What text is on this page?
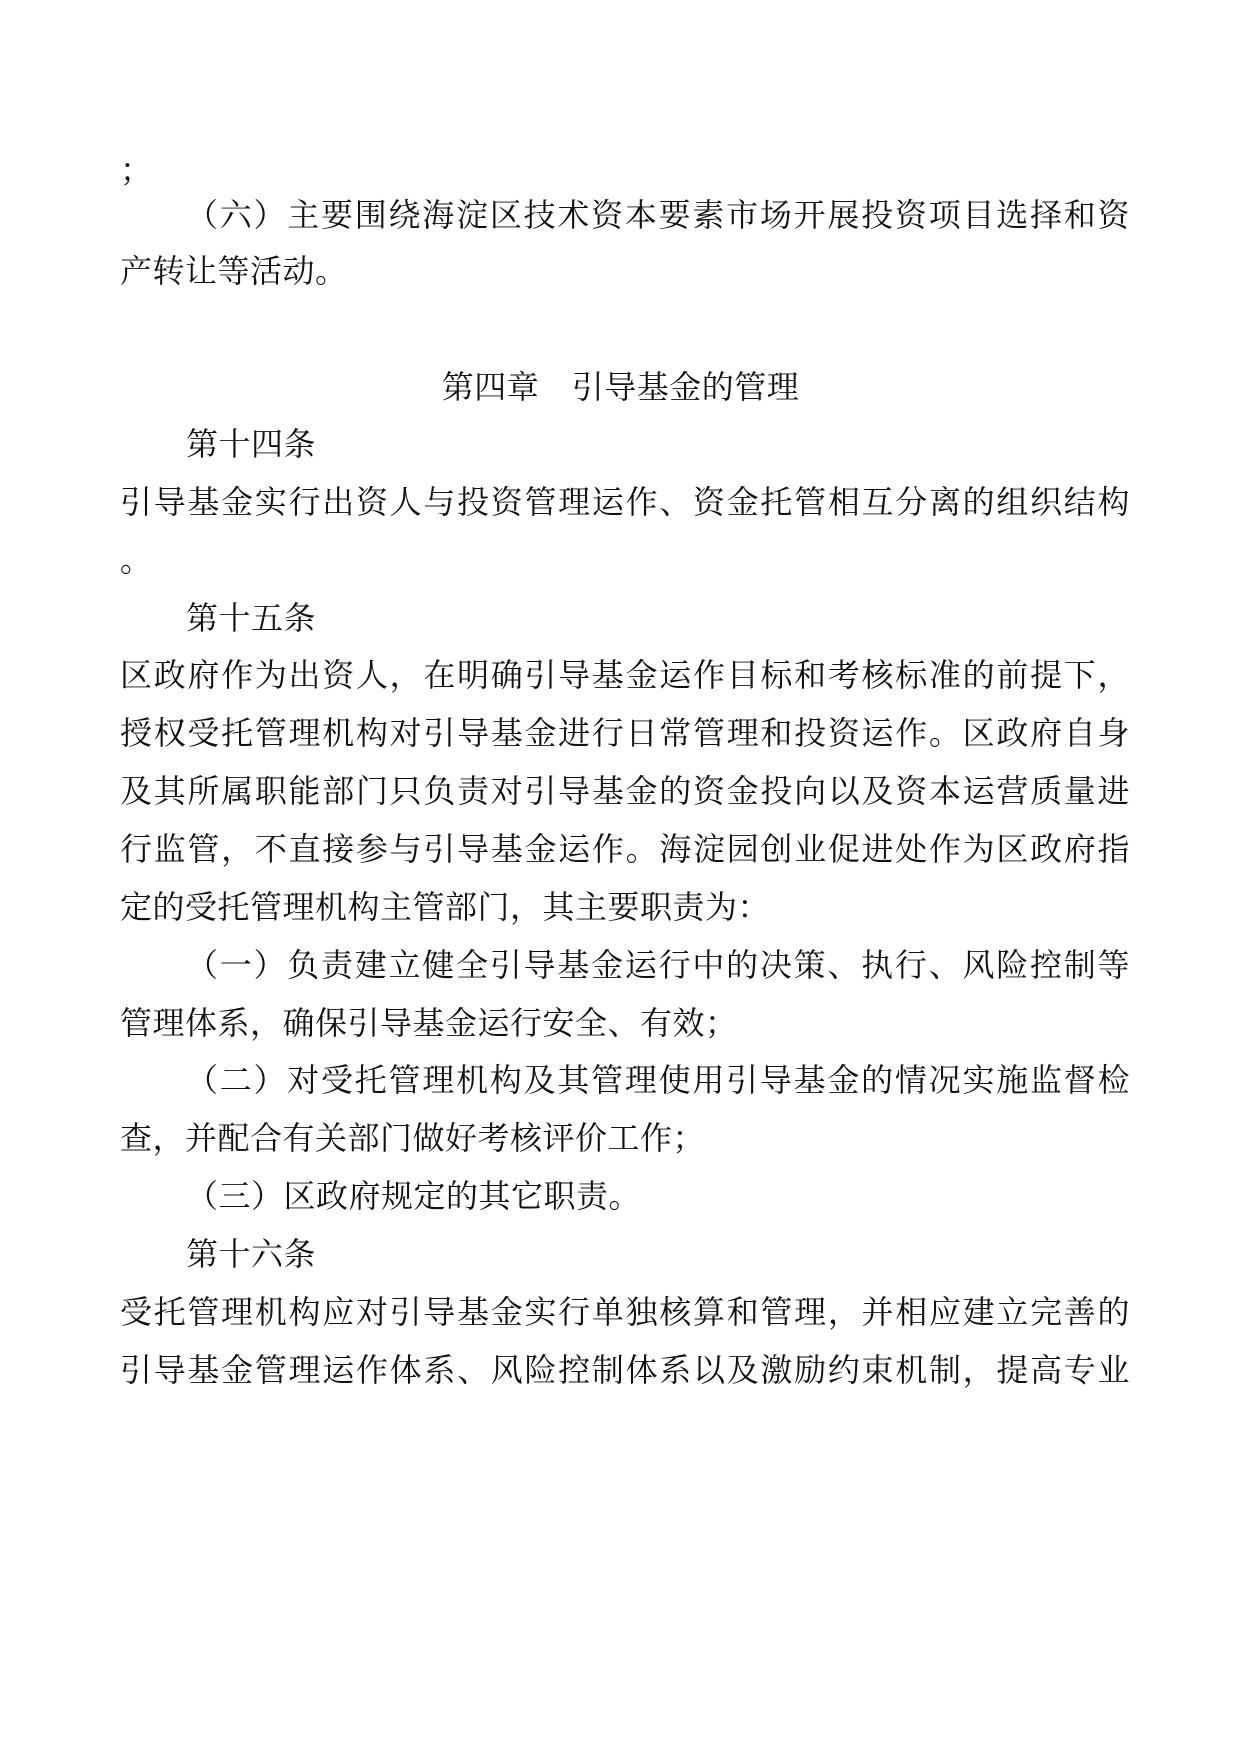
；
（六）主要围绕海淀区技术资本要素市场开展投资项目选择和资
产转让等活动。
第四章　引导基金的管理
第十四条
引导基金实行出资人与投资管理运作、资金托管相互分离的组织结构
。
第十五条
区政府作为出资人，在明确引导基金运作目标和考核标准的前提下，
授权受托管理机构对引导基金进行日常管理和投资运作。区政府自身
及其所属职能部门只负责对引导基金的资金投向以及资本运营质量进
行监管，不直接参与引导基金运作。海淀园创业促进处作为区政府指
定的受托管理机构主管部门，其主要职责为：
（一）负责建立健全引导基金运行中的决策、执行、风险控制等
管理体系，确保引导基金运行安全、有效；
（二）对受托管理机构及其管理使用引导基金的情况实施监督检
查，并配合有关部门做好考核评价工作；
（三）区政府规定的其它职责。
第十六条
受托管理机构应对引导基金实行单独核算和管理，并相应建立完善的
引导基金管理运作体系、风险控制体系以及激励约束机制，提高专业
